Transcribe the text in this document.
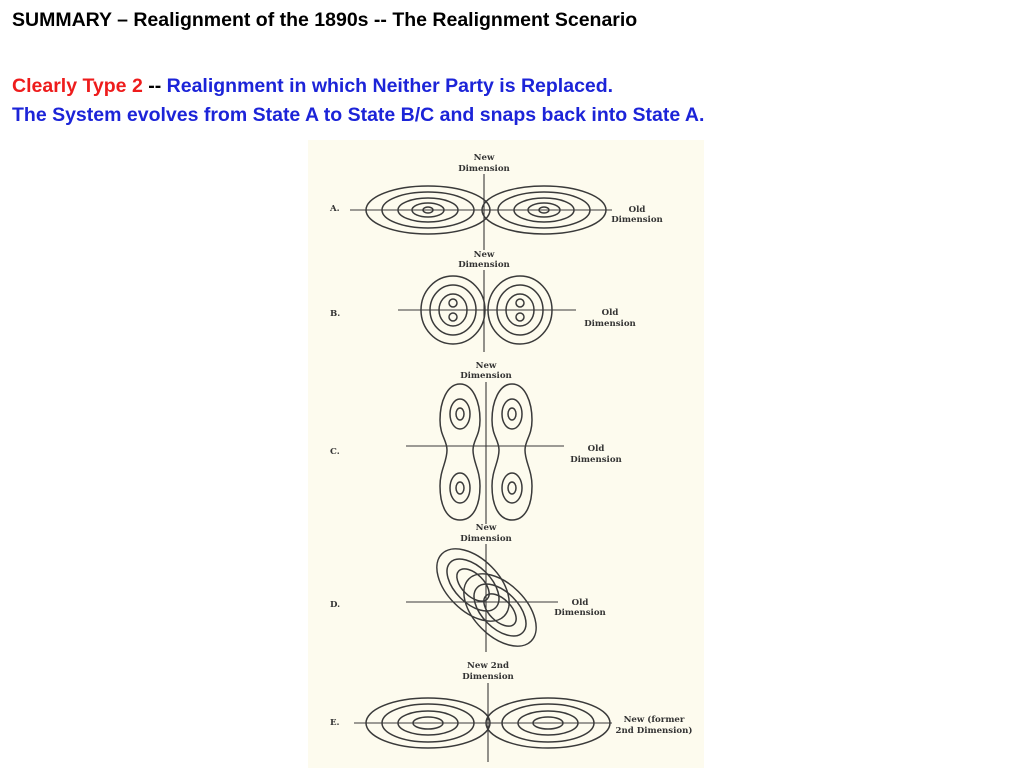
SUMMARY – Realignment of the 1890s -- The Realignment Scenario
Clearly Type 2 -- Realignment in which Neither Party is Replaced.
The System evolves from State A to State B/C and snaps back into State A.
A.
New
Dimension
Old
Dimension
B.
New
Dimension
Old
Dimension
C.
New
Dimension
Old
Dimension
D.
New
Dimension
Old
Dimension
E.
New 2nd
Dimension
New (former
2nd Dimension)
